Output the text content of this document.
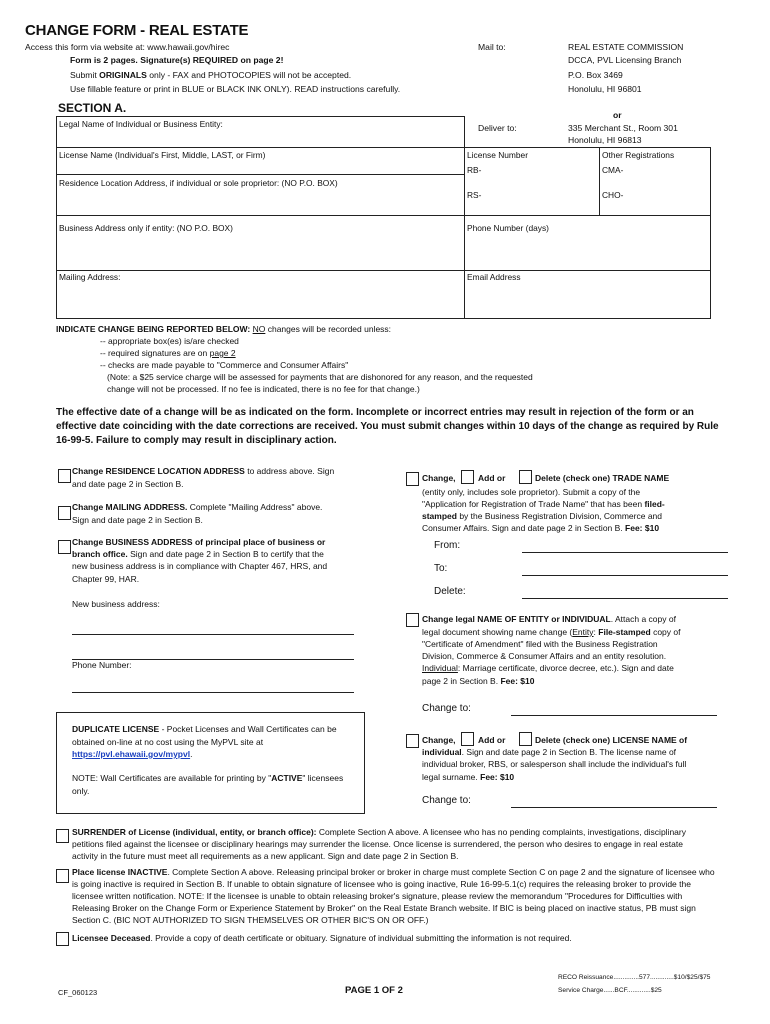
CHANGE FORM - REAL ESTATE
Access this form via website at: www.hawaii.gov/hirec
Form is 2 pages. Signature(s) REQUIRED on page 2!
Submit ORIGINALS only - FAX and PHOTOCOPIES will not be accepted.
Use fillable feature or print in BLUE or BLACK INK ONLY). READ instructions carefully.
Mail to:	REAL ESTATE COMMISSION
DCCA, PVL Licensing Branch
P.O. Box 3469
Honolulu, HI 96801
or
Deliver to:	335 Merchant St., Room 301
Honolulu, HI 96813
SECTION A.
Legal Name of Individual or Business Entity:
License Name (Individual's First, Middle, LAST, or Firm)	License Number	Other Registrations
RB-	CMA-
Residence Location Address, if individual or sole proprietor: (NO P.O. BOX)
RS-	CHO-
Business Address only if entity: (NO P.O. BOX)	Phone Number (days)
Mailing Address:	Email Address
INDICATE CHANGE BEING REPORTED BELOW: NO changes will be recorded unless:
-- appropriate box(es) is/are checked
-- required signatures are on page 2
-- checks are made payable to "Commerce and Consumer Affairs"
(Note: a $25 service charge will be assessed for payments that are dishonored for any reason, and the requested
change will not be processed. If no fee is indicated, there is no fee for that change.)
The effective date of a change will be as indicated on the form. Incomplete or incorrect entries may result in rejection of the form or an effective date coinciding with the date corrections are received. You must submit changes within 10 days of the change as required by Rule 16-99-5. Failure to comply may result in disciplinary action.
Change RESIDENCE LOCATION ADDRESS to address above. Sign
and date page 2 in Section B.
Change MAILING ADDRESS. Complete "Mailing Address" above.
Sign and date page 2 in Section B.
Change BUSINESS ADDRESS of principal place of business or
branch office. Sign and date page 2 in Section B to certify that the
new business address is in compliance with Chapter 467, HRS, and
Chapter 99, HAR.
New business address:
Phone Number:
DUPLICATE LICENSE - Pocket Licenses and Wall Certificates can be
obtained on-line at no cost using the MyPVL site at
https://pvl.ehawaii.gov/mypvl.
NOTE: Wall Certificates are available for printing by "ACTIVE" licensees
only.
Change,	Add or	Delete (check one) TRADE NAME
(entity only, includes sole proprietor). Submit a copy of the
"Application for Registration of Trade Name" that has been filed-
stamped by the Business Registration Division, Commerce and
Consumer Affairs. Sign and date page 2 in Section B. Fee: $10
From:
To:
Delete:
Change legal NAME OF ENTITY or INDIVIDUAL. Attach a copy of
legal document showing name change (Entity: File-stamped copy of
"Certificate of Amendment" filed with the Business Registration
Division, Commerce & Consumer Affairs and an entity resolution.
Individual: Marriage certificate, divorce decree, etc.). Sign and date
page 2 in Section B. Fee: $10
Change to:
Change,	Add or	Delete (check one) LICENSE NAME of
individual. Sign and date page 2 in Section B. The license name of
individual broker, RBS, or salesperson shall include the individual's full
legal surname. Fee: $10
Change to:
SURRENDER of License (individual, entity, or branch office): Complete Section A above. A licensee who has no pending complaints, investigations, disciplinary
petitions filed against the licensee or disciplinary hearings may surrender the license. Once license is surrendered, the person who desires to engage in real estate
activity in the future must meet all requirements as a new applicant. Sign and date page 2 in Section B.
Place license INACTIVE. Complete Section A above. Releasing principal broker or broker in charge must complete Section C on page 2 and the signature of licensee who
is going inactive is required in Section B. If unable to obtain signature of licensee who is going inactive, Rule 16-99-5.1(c) requires the releasing broker to provide the
licensee written notification. NOTE: If the licensee is unable to obtain releasing broker's signature, please review the memorandum "Procedures for Difficulties with
Releasing Broker on the Change Form or Experience Statement by Broker" on the Real Estate Branch website. If BIC is being placed on inactive status, PB must sign
Section C. (BIC NOT AUTHORIZED TO SIGN THEMSELVES OR OTHER BIC'S ON OR OFF.)
Licensee Deceased. Provide a copy of death certificate or obituary. Signature of individual submitting the information is not required.
CF_060123	PAGE 1 OF 2
RECO Reissuance..............577.............$10/$25/$75
Service Charge......BCF.............$25
